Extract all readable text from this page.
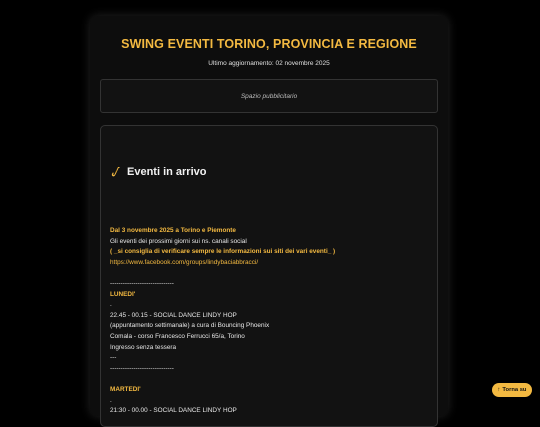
SWING EVENTI TORINO, PROVINCIA E REGIONE
Ultimo aggiornamento: 02 novembre 2025
Spazio pubblicitario
Eventi in arrivo
Dal 3 novembre 2025 a Torino e Piemonte
Gli eventi dei prossimi giorni sui ns. canali social
( _si consiglia di verificare sempre le informazioni sui siti dei vari eventi_ )
https://www.facebook.com/groups/lindybaciabbracci/
------------------------------
LUNEDI'
.
22.45 - 00.15 - SOCIAL DANCE LINDY HOP
(appuntamento settimanale) a cura di Bouncing Phoenix
Comala - corso Francesco Ferrucci 65/a, Torino
Ingresso senza tessera
---
------------------------------
MARTEDI'
.
21:30 - 00.00 - SOCIAL DANCE LINDY HOP
↑ Torna su
